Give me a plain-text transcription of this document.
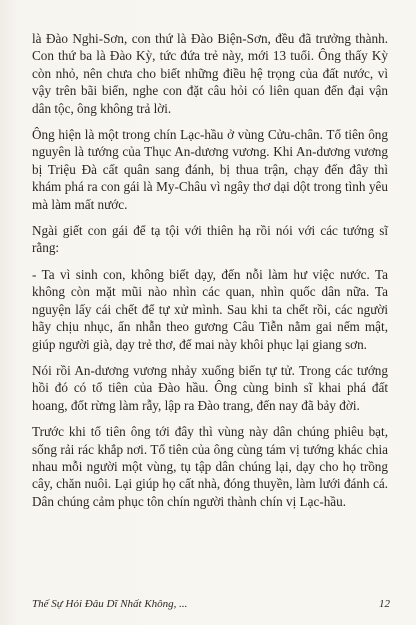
là Đào Nghi-Sơn, con thứ là Đào Biện-Sơn, đều đã trưởng thành. Con thứ ba là Đào Kỳ, tức đứa trẻ này, mới 13 tuổi. Ông thấy Kỳ còn nhỏ, nên chưa cho biết những điều hệ trọng của đất nước, vì vậy trên bãi biển, nghe con đặt câu hỏi có liên quan đến đại vận dân tộc, ông không trả lời.

Ông hiện là một trong chín Lạc-hầu ở vùng Cửu-chân. Tổ tiên ông nguyên là tướng của Thục An-dương vương. Khi An-dương vương bị Triệu Đà cất quân sang đánh, bị thua trận, chạy đến đây thì khám phá ra con gái là My-Châu vì ngây thơ dại dột trong tình yêu mà làm mất nước.

Ngài giết con gái để tạ tội với thiên hạ rồi nói với các tướng sĩ rằng:

- Ta vì sinh con, không biết dạy, đến nỗi làm hư việc nước. Ta không còn mặt mũi nào nhìn các quan, nhìn quốc dân nữa. Ta nguyện lấy cái chết để tự xử mình. Sau khi ta chết rồi, các người hãy chịu nhục, ẩn nhẫn theo gương Câu Tiễn nằm gai nếm mật, giúp người già, dạy trẻ thơ, để mai này khôi phục lại giang sơn.

Nói rồi An-dương vương nhảy xuống biển tự tử. Trong các tướng hồi đó có tổ tiên của Đào hầu. Ông cùng binh sĩ khai phá đất hoang, đốt rừng làm rẫy, lập ra Đào trang, đến nay đã bảy đời.

Trước khi tổ tiên ông tới đây thì vùng này dân chúng phiêu bạt, sống rải rác khắp nơi. Tổ tiên của ông cùng tám vị tướng khác chia nhau mỗi người một vùng, tụ tập dân chúng lại, dạy cho họ trồng cây, chăn nuôi. Lại giúp họ cất nhà, đóng thuyền, làm lưới đánh cá. Dân chúng cảm phục tôn chín người thành chín vị Lạc-hầu.

Thế Sự Hỏi Đâu Dĩ Nhất Không, ...	12
